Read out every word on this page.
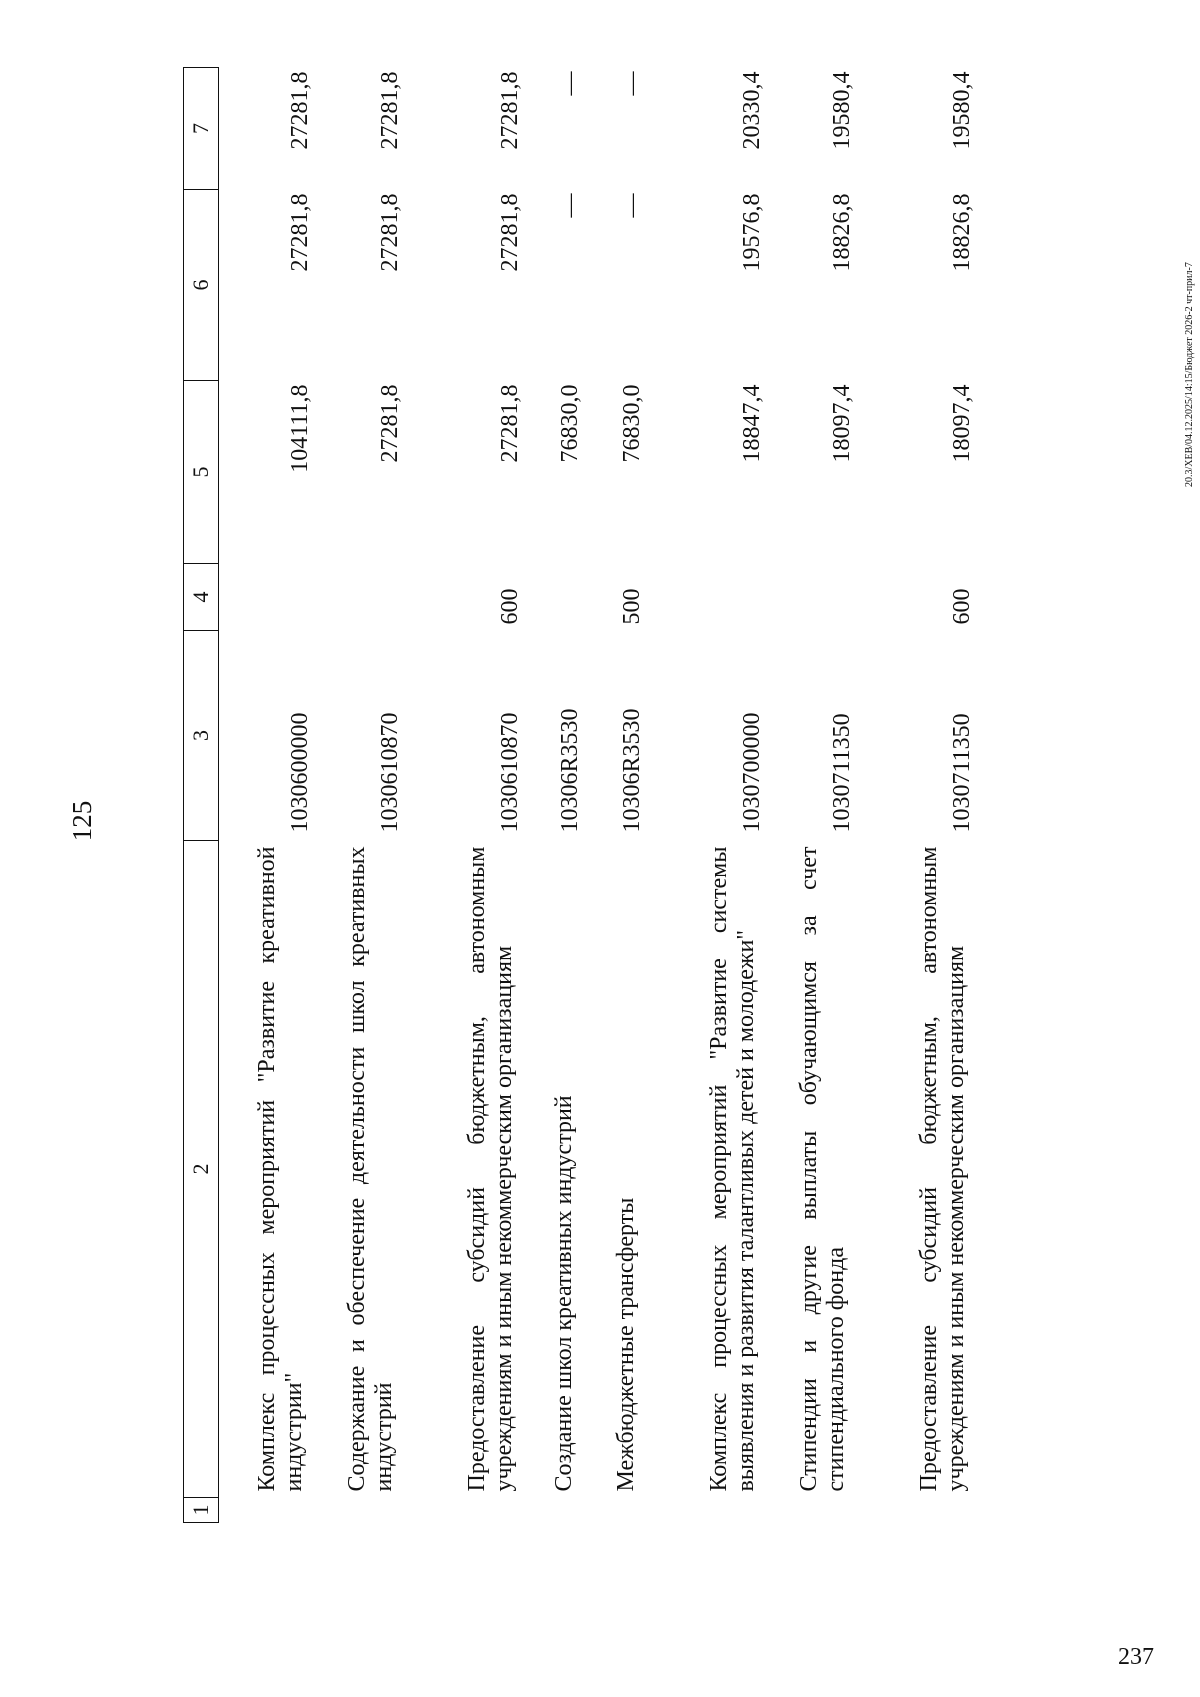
125
1	2	3	4	5	6	7
	Комплекс процессных мероприятий "Развитие креативной индустрии"	1030600000		104111,8	27281,8	27281,8
	Содержание и обеспечение деятельности школ креативных индустрий	1030610870		27281,8	27281,8	27281,8
	Предоставление субсидий бюджетным, автономным учреждениям и иным некоммерческим организациям	1030610870	600	27281,8	27281,8	27281,8
	Создание школ креативных индустрий	10306R3530		76830,0	—	—
	Межбюджетные трансферты	10306R3530	500	76830,0	—	—
	Комплекс процессных мероприятий "Развитие системы выявления и развития талантливых детей и молодежи"	1030700000		18847,4	19576,8	20330,4
	Стипендии и другие выплаты обучающимся за счет стипендиального фонда	1030711350		18097,4	18826,8	19580,4
	Предоставление субсидий бюджетным, автономным учреждениям и иным некоммерческим организациям	1030711350	600	18097,4	18826,8	19580,4
20.3/ХЕВ/04.12.2025/14:15/Бюджет 2026-2 чт-прил-7
237
